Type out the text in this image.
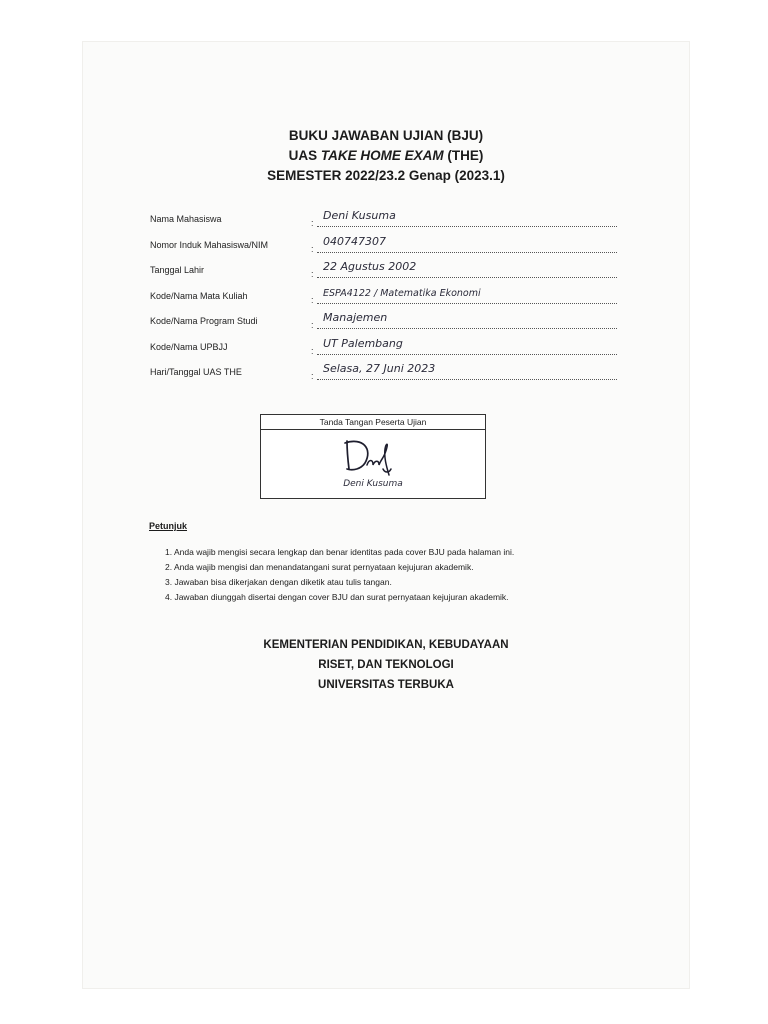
BUKU JAWABAN UJIAN (BJU)
UAS TAKE HOME EXAM (THE)
SEMESTER 2022/23.2 Genap (2023.1)
Nama Mahasiswa	:
Deni Kusuma
Nomor Induk Mahasiswa/NIM	:
040747307
Tanggal Lahir	:
22 Agustus 2002
Kode/Nama Mata Kuliah	:
ESPA4122 / Matematika Ekonomi
Kode/Nama Program Studi	:
Manajemen
Kode/Nama UPBJJ	:
UT Palembang
Hari/Tanggal UAS THE	:
Selasa, 27 Juni 2023
Tanda Tangan Peserta Ujian
Deni Kusuma
Petunjuk
1. Anda wajib mengisi secara lengkap dan benar identitas pada cover BJU pada halaman ini.
2. Anda wajib mengisi dan menandatangani surat pernyataan kejujuran akademik.
3. Jawaban bisa dikerjakan dengan diketik atau tulis tangan.
4. Jawaban diunggah disertai dengan cover BJU dan surat pernyataan kejujuran akademik.
KEMENTERIAN PENDIDIKAN, KEBUDAYAAN
RISET, DAN TEKNOLOGI
UNIVERSITAS TERBUKA
